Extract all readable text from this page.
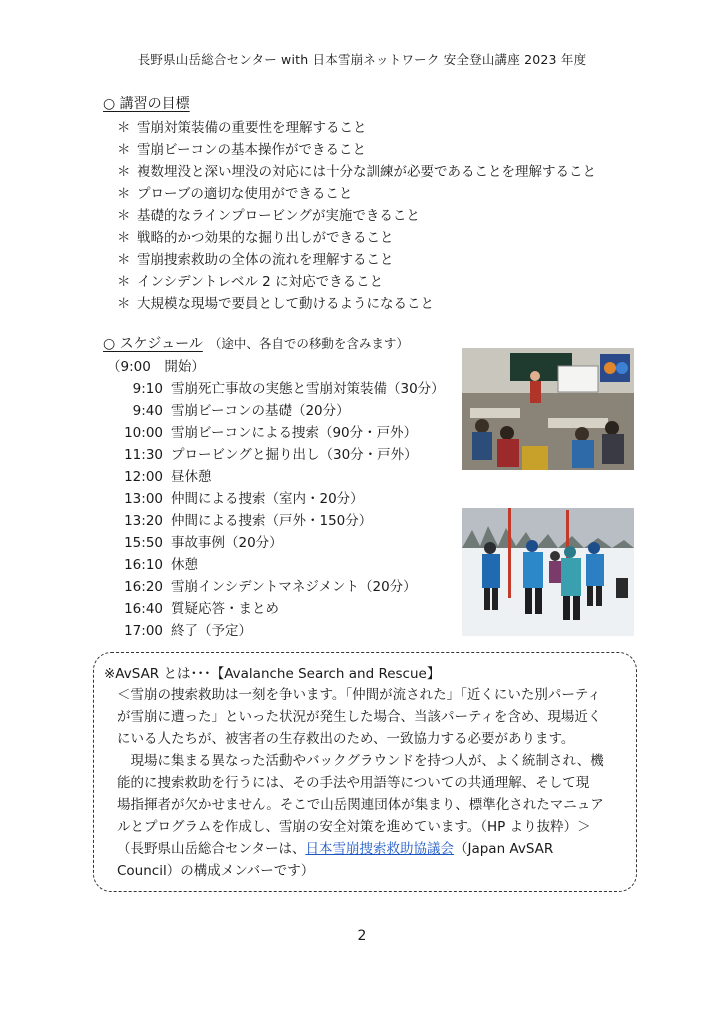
長野県山岳総合センター with 日本雪崩ネットワーク 安全登山講座 2023 年度
○ 講習の目標
＊ 雪崩対策装備の重要性を理解すること
＊ 雪崩ビーコンの基本操作ができること
＊ 複数埋没と深い埋没の対応には十分な訓練が必要であることを理解すること
＊ プローブの適切な使用ができること
＊ 基礎的なラインプロービングが実施できること
＊ 戦略的かつ効果的な掘り出しができること
＊ 雪崩捜索救助の全体の流れを理解すること
＊ インシデントレベル 2 に対応できること
＊ 大規模な現場で要員として動けるようになること
○ スケジュール （途中、各自での移動を含みます）
（9:00　開始）
9:10 雪崩死亡事故の実態と雪崩対策装備（30分）
9:40 雪崩ビーコンの基礎（20分）
10:00 雪崩ビーコンによる捜索（90分・戸外）
11:30 プロービングと掘り出し（30分・戸外）
12:00 昼休憩
13:00 仲間による捜索（室内・20分）
13:20 仲間による捜索（戸外・150分）
15:50 事故事例（20分）
16:10 休憩
16:20 雪崩インシデントマネジメント（20分）
16:40 質疑応答・まとめ
17:00 終了（予定）
※AvSAR とは･･･【Avalanche Search and Rescue】
＜雪崩の捜索救助は一刻を争います。「仲間が流された」「近くにいた別パーティ
が雪崩に遭った」といった状況が発生した場合、当該パーティを含め、現場近く
にいる人たちが、被害者の生存救出のため、一致協力する必要があります。
　現場に集まる異なった活動やバックグラウンドを持つ人が、よく統制され、機
能的に捜索救助を行うには、その手法や用語等についての共通理解、そして現
場指揮者が欠かせません。そこで山岳関連団体が集まり、標準化されたマニュア
ルとプログラムを作成し、雪崩の安全対策を進めています。（HP より抜粋）＞
（長野県山岳総合センターは、日本雪崩捜索救助協議会（Japan AvSAR
Council）の構成メンバーです）
2
